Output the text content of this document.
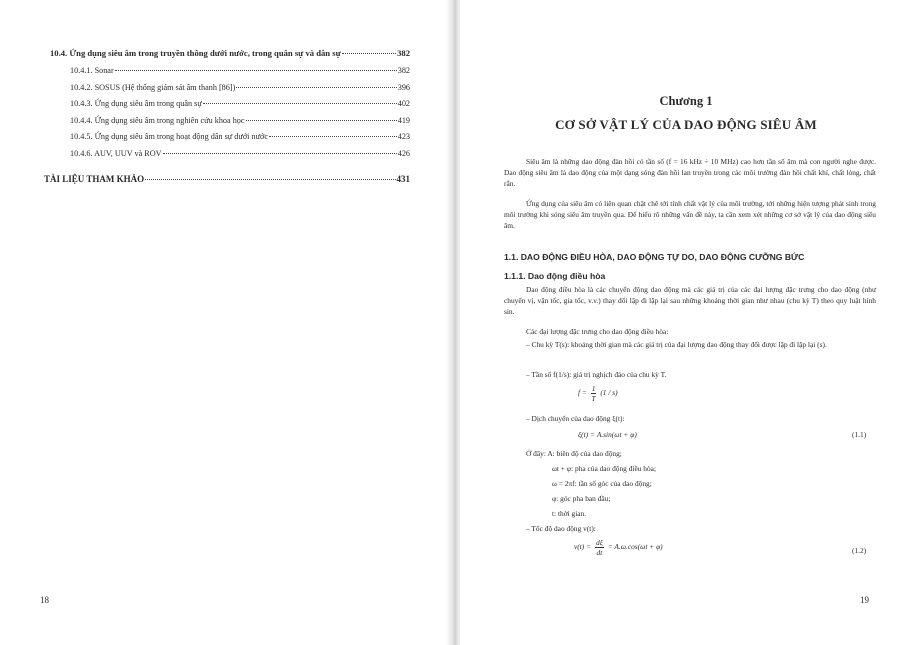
10.4. Ứng dụng siêu âm trong truyền thông dưới nước, trong quân sự và dân sự	382
10.4.1. Sonar	382
10.4.2. SOSUS (Hệ thống giám sát âm thanh [86])	396
10.4.3. Ứng dụng siêu âm trong quân sự	402
10.4.4. Ứng dụng siêu âm trong nghiên cứu khoa học	419
10.4.5. Ứng dụng siêu âm trong hoạt động dân sự dưới nước	423
10.4.6. AUV, UUV và ROV	426
TÀI LIỆU THAM KHẢO	431
18
Chương 1
CƠ SỞ VẬT LÝ CỦA DAO ĐỘNG SIÊU ÂM
Siêu âm là những dao động đàn hồi có tần số (f = 16 kHz ÷ 10 MHz) cao hơn tần số âm mà con người nghe được. Dao động siêu âm là dao động của một dạng sóng đàn hồi lan truyền trong các môi trường đàn hồi chất khí, chất lỏng, chất rắn.
Ứng dụng của siêu âm có liên quan chặt chẽ tới tính chất vật lý của môi trường, tới những hiện tượng phát sinh trong môi trường khi sóng siêu âm truyền qua. Để hiểu rõ những vấn đề này, ta cần xem xét những cơ sở vật lý của dao động siêu âm.
1.1. DAO ĐỘNG ĐIỀU HÒA, DAO ĐỘNG TỰ DO, DAO ĐỘNG CƯỠNG BỨC
1.1.1. Dao động điều hòa
Dao động điều hòa là các chuyển động dao động mà các giá trị của các đại lượng đặc trưng cho dao động (như chuyển vị, vận tốc, gia tốc, v.v.) thay đổi lặp đi lặp lại sau những khoảng thời gian như nhau (chu kỳ T) theo quy luật hình sin.
Các đại lượng đặc trưng cho dao động điều hòa:
– Chu kỳ T(s): khoảng thời gian mà các giá trị của đại lượng dao động thay đổi được lặp đi lặp lại (s).
– Tần số f(1/s): giá trị nghịch đảo của chu kỳ T.
$f = \frac{1}{T} (1 / s)$
– Dịch chuyển của dao động ξ(t):
ξ(t) = A.sin(ωt + φ)	(1.1)
Ở đây: A: biên độ của dao động;
ωt + φ: pha của dao động điều hòa;
ω = 2πf: tần số góc của dao động;
φ: góc pha ban đầu;
t: thời gian.
– Tốc độ dao động v(t):
$v(t) = \frac{d\xi}{dt} = A.\omega.\cos(\omega t + \varphi)$	(1.2)
19
